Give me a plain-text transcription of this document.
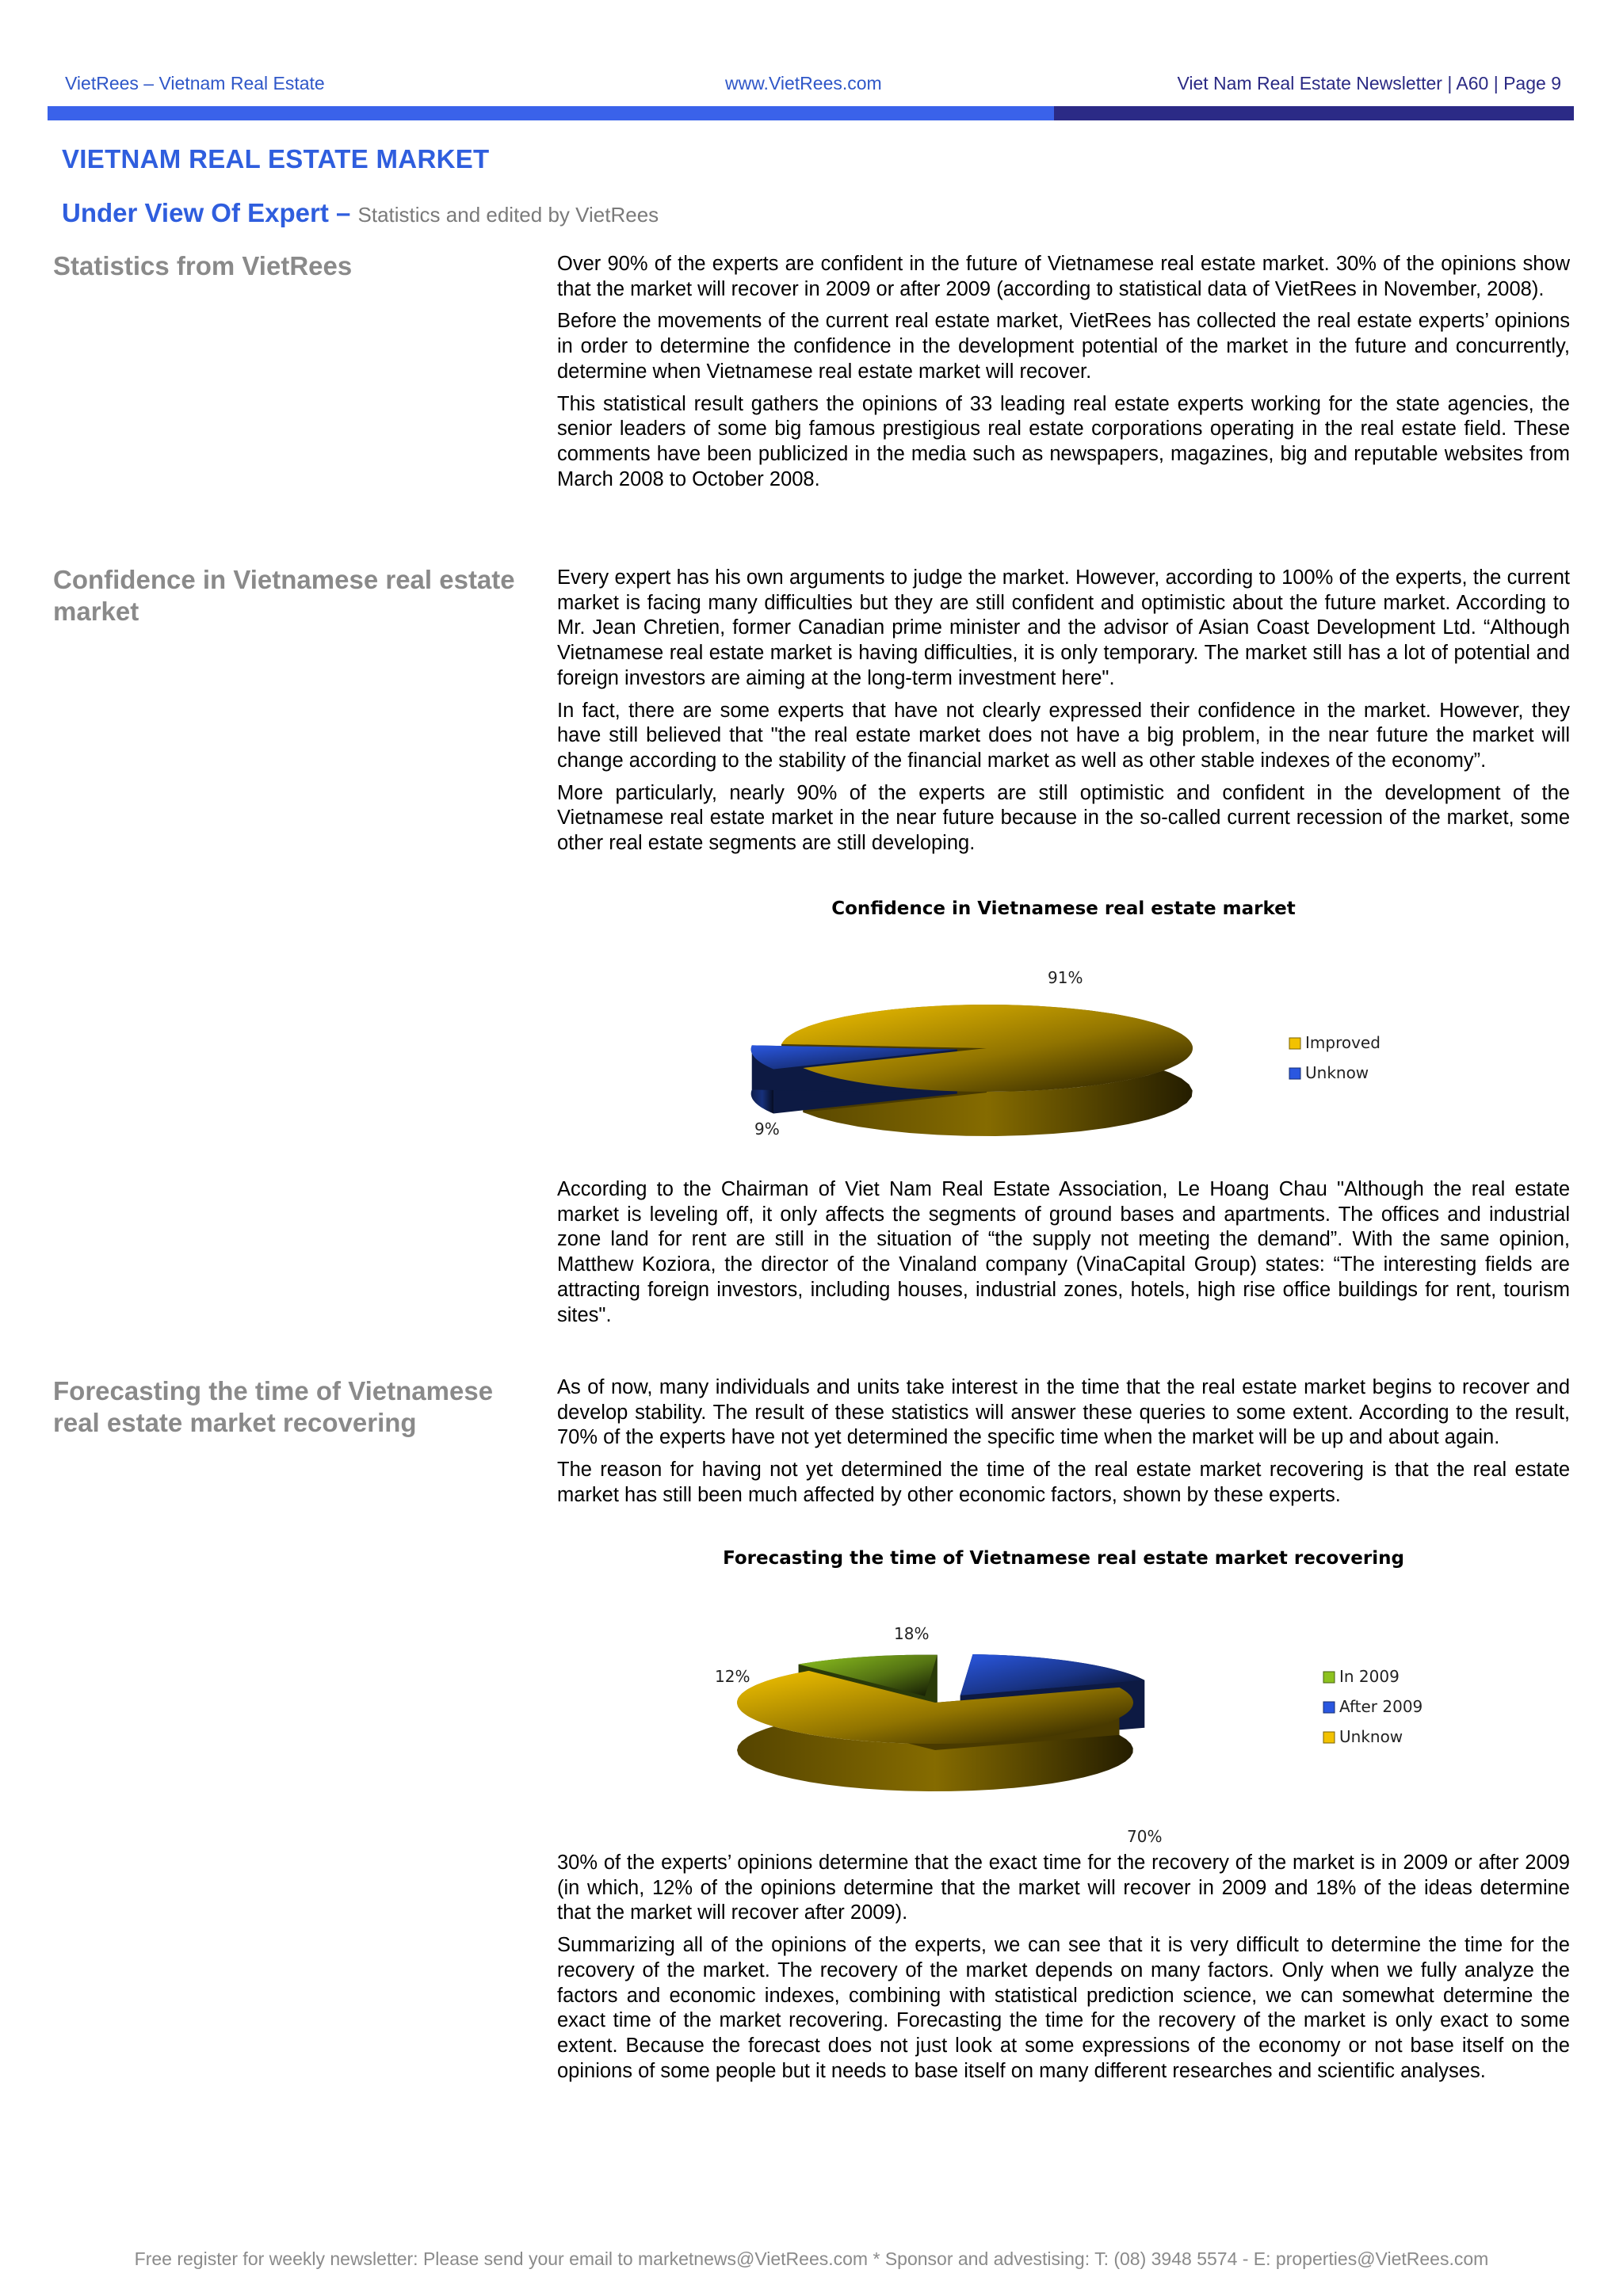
VietRees – Vietnam Real Estate	www.VietRees.com	Viet Nam Real Estate Newsletter | A60 | Page 9
VIETNAM REAL ESTATE MARKET
Under View Of Expert – Statistics and edited by VietRees
Statistics from VietRees	Over 90% of the experts are confident in the future of Vietnamese real estate market. 30% of the opinions show that the market will recover in 2009 or after 2009 (according to statistical data of VietRees in November, 2008).

Before the movements of the current real estate market, VietRees has collected the real estate experts’ opinions in order to determine the confidence in the development potential of the market in the future and concurrently, determine when Vietnamese real estate market will recover.

This statistical result gathers the opinions of 33 leading real estate experts working for the state agencies, the senior leaders of some big famous prestigious real estate corporations operating in the real estate field. These comments have been publicized in the media such as newspapers, magazines, big and reputable websites from March 2008 to October 2008.

Confidence in Vietnamese real estate market

Every expert has his own arguments to judge the market. However, according to 100% of the experts, the current market is facing many difficulties but they are still confident and optimistic about the future market. According to Mr. Jean Chretien, former Canadian prime minister and the advisor of Asian Coast Development Ltd. “Although Vietnamese real estate market is having difficulties, it is only temporary. The market still has a lot of potential and foreign investors are aiming at the long-term investment here".

In fact, there are some experts that have not clearly expressed their confidence in the market. However, they have still believed that "the real estate market does not have a big problem, in the near future the market will change according to the stability of the financial market as well as other stable indexes of the economy”.

More particularly, nearly 90% of the experts are still optimistic and confident in the development of the Vietnamese real estate market in the near future because in the so-called current recession of the market, some other real estate segments are still developing.

Confidence in Vietnamese real estate market
91%
9%
Improved
Unknow

According to the Chairman of Viet Nam Real Estate Association, Le Hoang Chau "Although the real estate market is leveling off, it only affects the segments of ground bases and apartments. The offices and industrial zone land for rent are still in the situation of “the supply not meeting the demand”. With the same opinion, Matthew Koziora, the director of the Vinaland company (VinaCapital Group) states: “The interesting fields are attracting foreign investors, including houses, industrial zones, hotels, high rise office buildings for rent, tourism sites".

Forecasting the time of Vietnamese real estate market recovering

As of now, many individuals and units take interest in the time that the real estate market begins to recover and develop stability. The result of these statistics will answer these queries to some extent. According to the result, 70% of the experts have not yet determined the specific time when the market will be up and about again.

The reason for having not yet determined the time of the real estate market recovering is that the real estate market has still been much affected by other economic factors, shown by these experts.

Forecasting the time of Vietnamese real estate market recovering
12%
18%
70%
In 2009
After 2009
Unknow

30% of the experts’ opinions determine that the exact time for the recovery of the market is in 2009 or after 2009 (in which, 12% of the opinions determine that the market will recover in 2009 and 18% of the ideas determine that the market will recover after 2009).

Summarizing all of the opinions of the experts, we can see that it is very difficult to determine the time for the recovery of the market. The recovery of the market depends on many factors. Only when we fully analyze the factors and economic indexes, combining with statistical prediction science, we can somewhat determine the exact time of the market recovering. Forecasting the time for the recovery of the market is only exact to some extent. Because the forecast does not just look at some expressions of the economy or not base itself on the opinions of some people but it needs to base itself on many different researches and scientific analyses.

Free register for weekly newsletter: Please send your email to marketnews@VietRees.com * Sponsor and advestising: T: (08) 3948 5574 - E: properties@VietRees.com
